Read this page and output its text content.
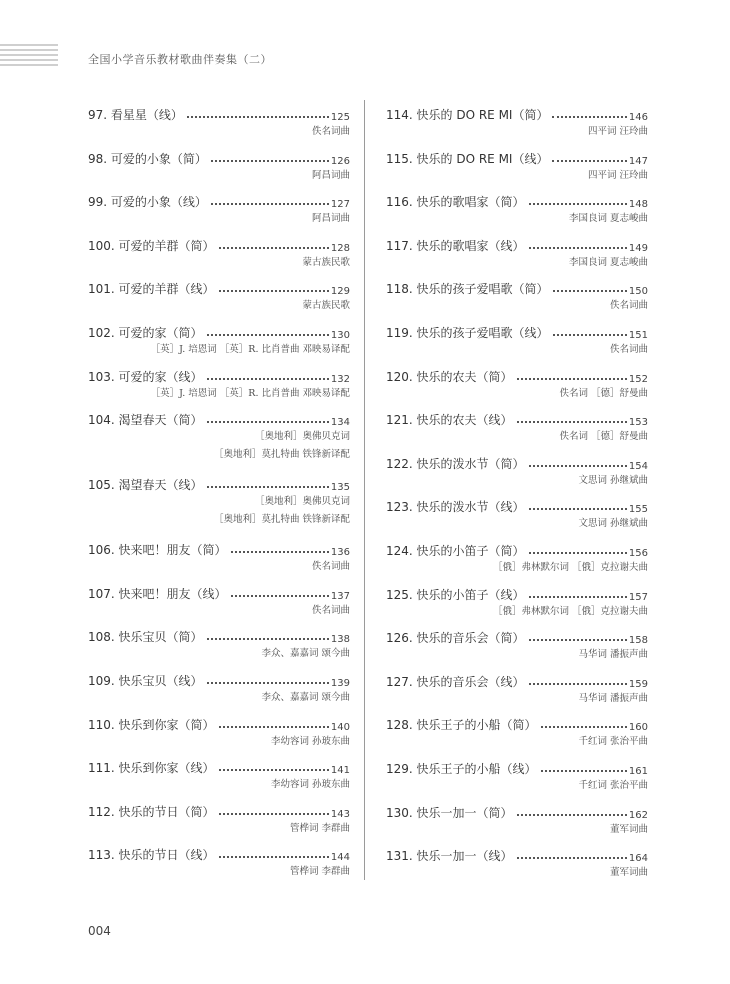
全国小学音乐教材歌曲伴奏集（二）
97. 看星星（线）	125
佚名词曲
98. 可爱的小象（简）	126
阿昌词曲
99. 可爱的小象（线）	127
阿昌词曲
100. 可爱的羊群（简）	128
蒙古族民歌
101. 可爱的羊群（线）	129
蒙古族民歌
102. 可爱的家（简）	130
［英］J. 培恩词 ［英］R. 比肖普曲 邓映易译配
103. 可爱的家（线）	132
［英］J. 培恩词 ［英］R. 比肖普曲 邓映易译配
104. 渴望春天（简）	134
［奥地利］奥佛贝克词
［奥地利］莫扎特曲 铁锋新译配
105. 渴望春天（线）	135
［奥地利］奥佛贝克词
［奥地利］莫扎特曲 铁锋新译配
106. 快来吧！朋友（简）	136
佚名词曲
107. 快来吧！朋友（线）	137
佚名词曲
108. 快乐宝贝（简）	138
李众、嘉嘉词 颂今曲
109. 快乐宝贝（线）	139
李众、嘉嘉词 颂今曲
110. 快乐到你家（简）	140
李幼容词 孙玻东曲
111. 快乐到你家（线）	141
李幼容词 孙玻东曲
112. 快乐的节日（简）	143
管桦词 李群曲
113. 快乐的节日（线）	144
管桦词 李群曲
114. 快乐的 DO RE MI（简）	146
四平词 汪玲曲
115. 快乐的 DO RE MI（线）	147
四平词 汪玲曲
116. 快乐的歌唱家（简）	148
李国良词 夏志峻曲
117. 快乐的歌唱家（线）	149
李国良词 夏志峻曲
118. 快乐的孩子爱唱歌（简）	150
佚名词曲
119. 快乐的孩子爱唱歌（线）	151
佚名词曲
120. 快乐的农夫（简）	152
佚名词 ［德］舒曼曲
121. 快乐的农夫（线）	153
佚名词 ［德］舒曼曲
122. 快乐的泼水节（简）	154
文思词 孙继斌曲
123. 快乐的泼水节（线）	155
文思词 孙继斌曲
124. 快乐的小笛子（简）	156
［俄］弗林默尔词 ［俄］克拉谢夫曲
125. 快乐的小笛子（线）	157
［俄］弗林默尔词 ［俄］克拉谢夫曲
126. 快乐的音乐会（简）	158
马华词 潘振声曲
127. 快乐的音乐会（线）	159
马华词 潘振声曲
128. 快乐王子的小船（简）	160
千红词 张治平曲
129. 快乐王子的小船（线）	161
千红词 张治平曲
130. 快乐一加一（简）	162
董军词曲
131. 快乐一加一（线）	164
董军词曲
004
